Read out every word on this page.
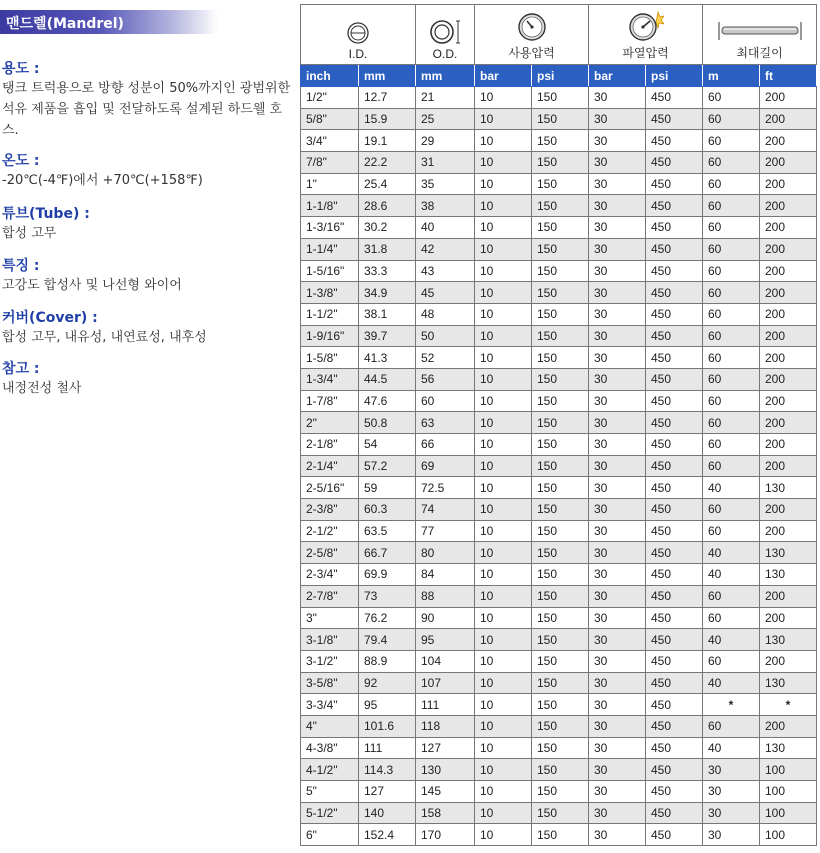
맨드렐(Mandrel)
용도 :
탱크 트럭용으로 방향 성분이 50%까지인 광범위한 석유 제품을 흡입 및 전달하도록 설계된 하드웰 호스.
온도 :
-20℃(-4℉)에서 +70℃(+158℉)
튜브(Tube) :
합성 고무
특징 :
고강도 합성사 및 나선형 와이어
커버(Cover) :
합성 고무, 내유성, 내연료성, 내후성
참고 :
내정전성 철사
I.D.		O.D.	사용압력		파열압력		최대길이	

inch	mm	mm	bar	psi	bar	psi	m	ft
1/2"	12.7	21	10	150	30	450	60	200
5/8"	15.9	25	10	150	30	450	60	200
3/4"	19.1	29	10	150	30	450	60	200
7/8"	22.2	31	10	150	30	450	60	200
1"	25.4	35	10	150	30	450	60	200
1-1/8"	28.6	38	10	150	30	450	60	200
1-3/16"	30.2	40	10	150	30	450	60	200
1-1/4"	31.8	42	10	150	30	450	60	200
1-5/16"	33.3	43	10	150	30	450	60	200
1-3/8"	34.9	45	10	150	30	450	60	200
1-1/2"	38.1	48	10	150	30	450	60	200
1-9/16"	39.7	50	10	150	30	450	60	200
1-5/8"	41.3	52	10	150	30	450	60	200
1-3/4"	44.5	56	10	150	30	450	60	200
1-7/8"	47.6	60	10	150	30	450	60	200
2"	50.8	63	10	150	30	450	60	200
2-1/8"	54	66	10	150	30	450	60	200
2-1/4"	57.2	69	10	150	30	450	60	200
2-5/16"	59	72.5	10	150	30	450	40	130
2-3/8"	60.3	74	10	150	30	450	60	200
2-1/2"	63.5	77	10	150	30	450	60	200
2-5/8"	66.7	80	10	150	30	450	40	130
2-3/4"	69.9	84	10	150	30	450	40	130
2-7/8"	73	88	10	150	30	450	60	200
3"	76.2	90	10	150	30	450	60	200
3-1/8"	79.4	95	10	150	30	450	40	130
3-1/2"	88.9	104	10	150	30	450	60	200
3-5/8"	92	107	10	150	30	450	40	130
3-3/4"	95	111	10	150	30	450	*	*
4"	101.6	118	10	150	30	450	60	200
4-3/8"	111	127	10	150	30	450	40	130
4-1/2"	114.3	130	10	150	30	450	30	100
5"	127	145	10	150	30	450	30	100
5-1/2"	140	158	10	150	30	450	30	100
6"	152.4	170	10	150	30	450	30	100
